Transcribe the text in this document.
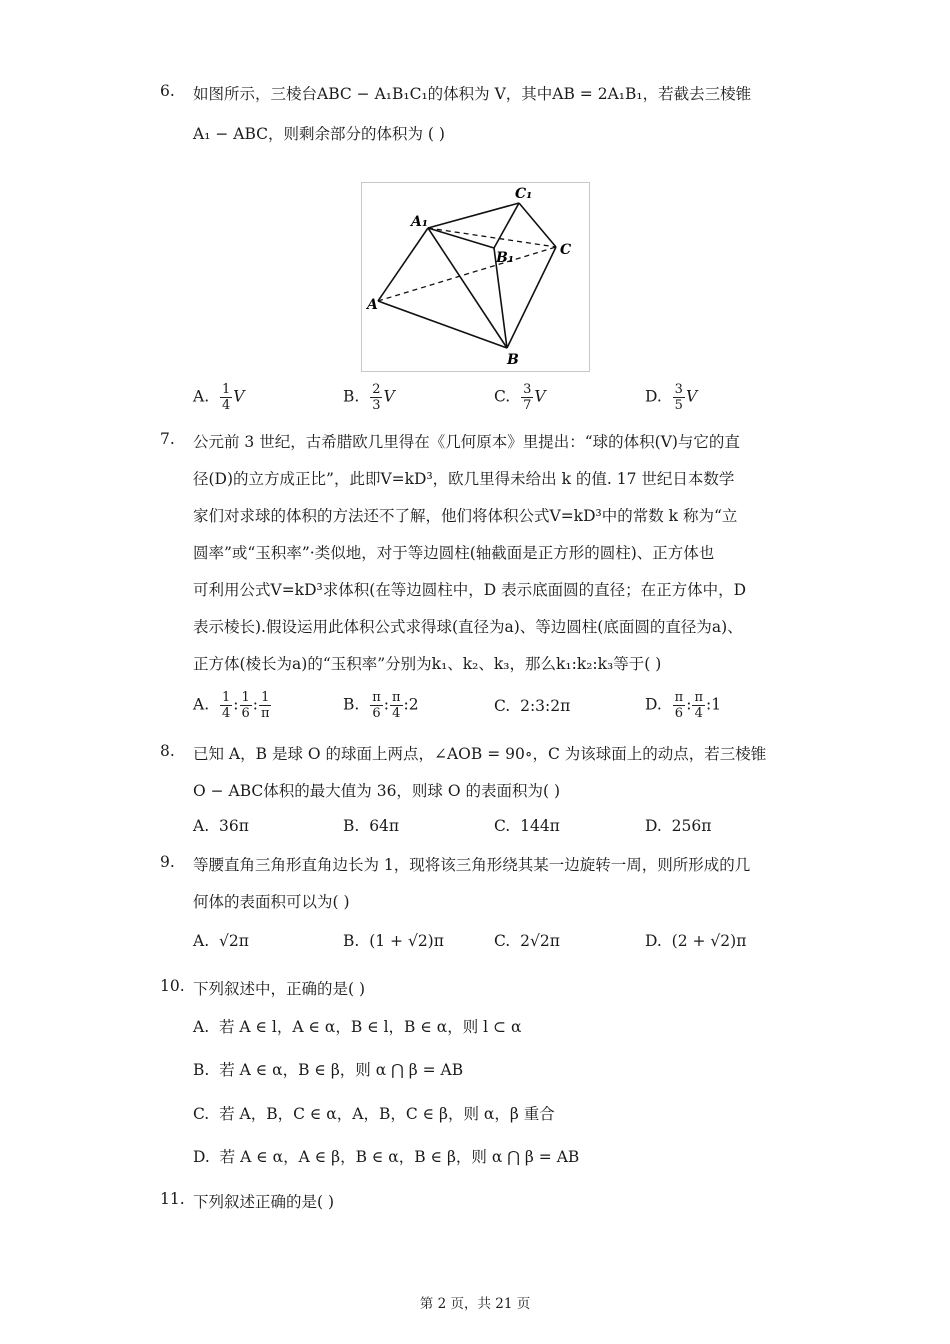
6. 如图所示，三棱台ABC − A₁B₁C₁的体积为 V，其中AB = 2A₁B₁，若截去三棱锥
A₁ − ABC，则剩余部分的体积为 ( )
A₁
C₁
B₁	C
A
B
A. $\frac{1}{4}$ V	B. $\frac{2}{3}$ V	C. $\frac{3}{7}$ V	D. $\frac{3}{5}$ V
7. 公元前 3 世纪，古希腊欧几里得在《几何原本》里提出：“球的体积(V)与它的直
径(D)的立方成正比”，此即V=kD³，欧几里得未给出 k 的值. 17 世纪日本数学
家们对求球的体积的方法还不了解，他们将体积公式V=kD³中的常数 k 称为“立
圆率”或“玉积率”·类似地，对于等边圆柱(轴截面是正方形的圆柱)、正方体也
可利用公式V=kD³求体积(在等边圆柱中，D 表示底面圆的直径；在正方体中，D
表示棱长).假设运用此体积公式求得球(直径为a)、等边圆柱(底面圆的直径为a)、
正方体(棱长为a)的“玉积率”分别为k₁、k₂、k₃，那么k₁:k₂:k₃等于( )
A. $\frac{1}{4}$ : $\frac{1}{6}$ : $\frac{1}{\pi}$	B. $\frac{\pi}{6}$ : $\frac{\pi}{4}$ :2	C. 2:3:2π	D. $\frac{\pi}{6}$ : $\frac{\pi}{4}$ :1
8. 已知 A，B 是球 O 的球面上两点，∠AOB = 90∘，C 为该球面上的动点，若三棱锥
O − ABC体积的最大值为 36，则球 O 的表面积为( )
A. 36π	B. 64π	C. 144π	D. 256π
9. 等腰直角三角形直角边长为 1，现将该三角形绕其某一边旋转一周，则所形成的几
何体的表面积可以为( )
A. √2π	B. (1 + √2)π	C. 2√2π	D. (2 + √2)π
10. 下列叙述中，正确的是( )
A. 若 A ∈ l，A ∈ α，B ∈ l，B ∈ α，则 l ⊂ α
B. 若 A ∈ α，B ∈ β，则 α ⋂ β = AB
C. 若 A，B，C ∈ α，A，B，C ∈ β，则 α，β 重合
D. 若 A ∈ α，A ∈ β，B ∈ α，B ∈ β，则 α ⋂ β = AB
11. 下列叙述正确的是( )
第 2 页，共 21 页
